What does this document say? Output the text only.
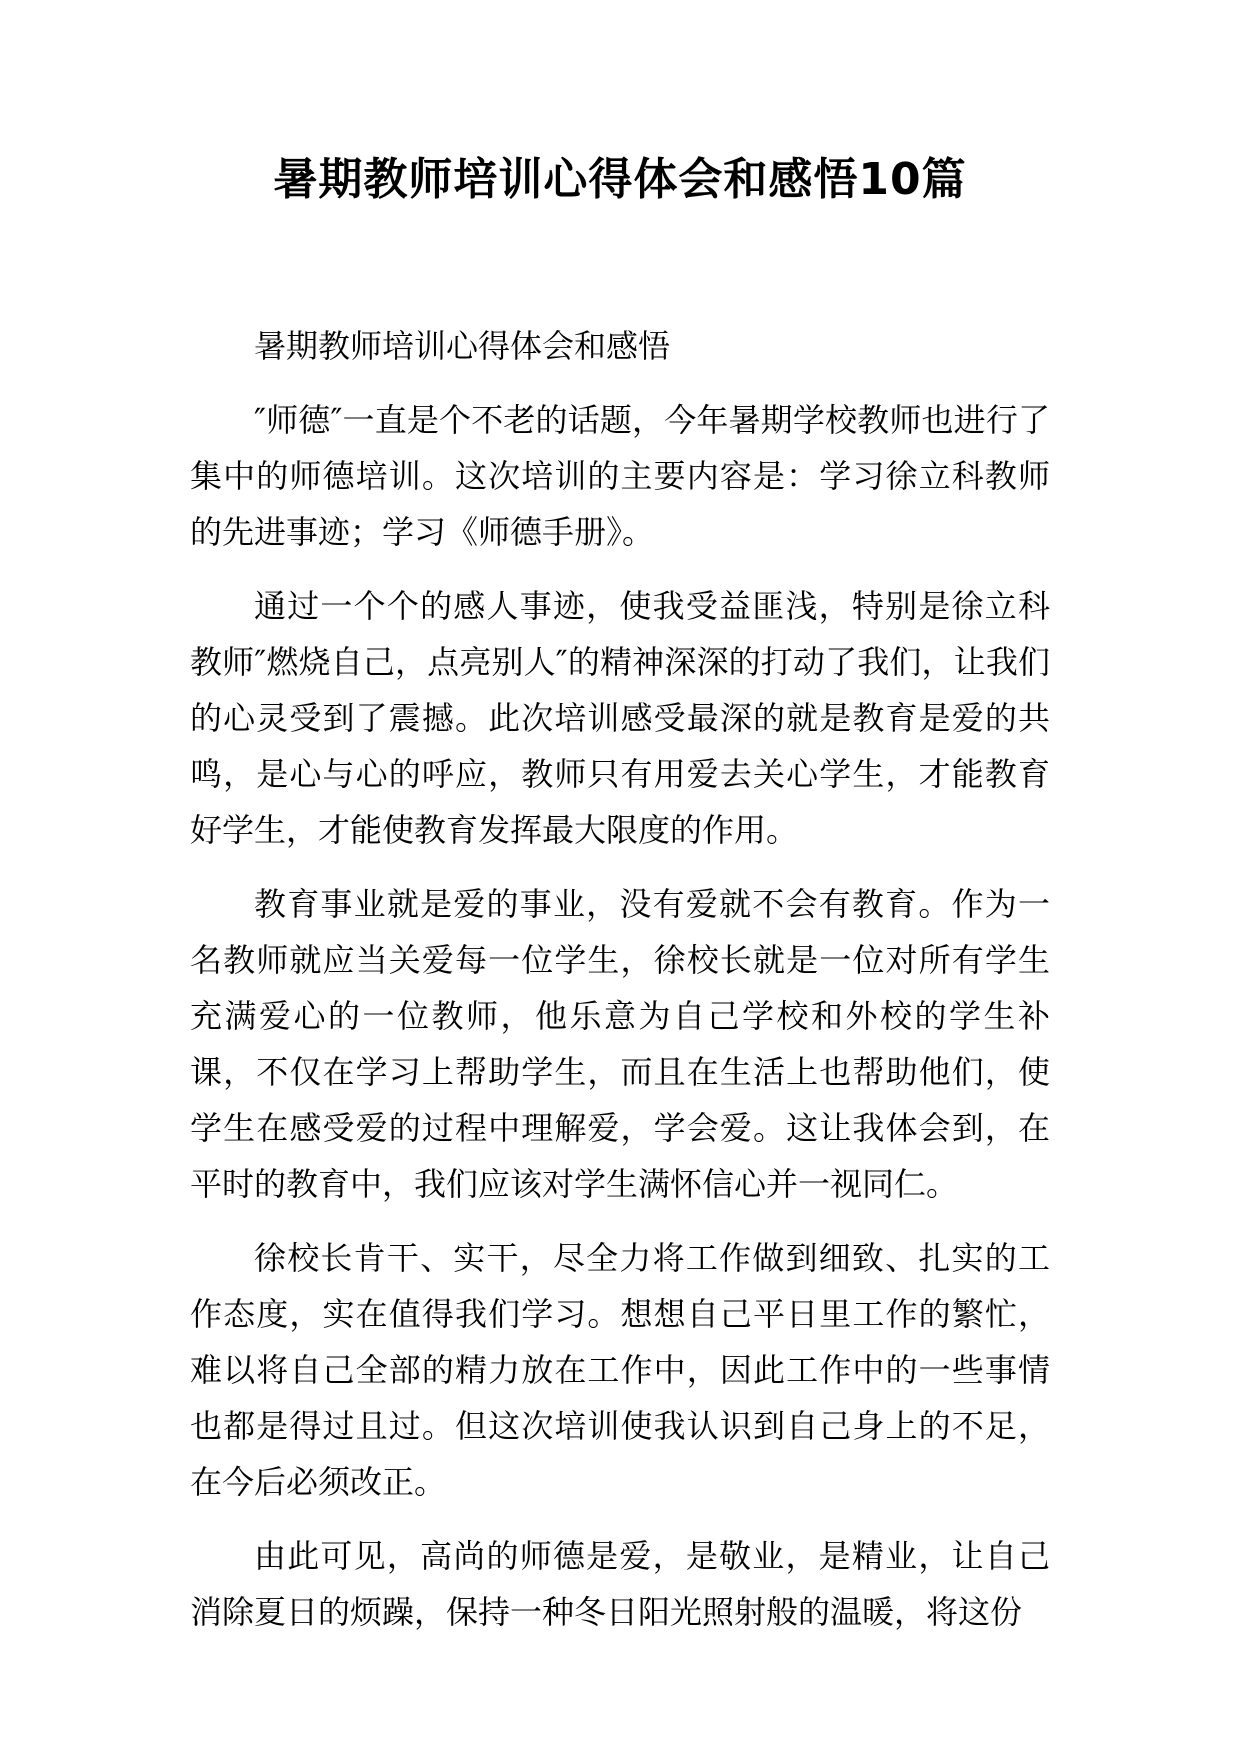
暑期教师培训心得体会和感悟10篇
暑期教师培训心得体会和感悟

″师德″一直是个不老的话题，今年暑期学校教师也进行了集中的师德培训。这次培训的主要内容是：学习徐立科教师的先进事迹；学习《师德手册》。

通过一个个的感人事迹，使我受益匪浅，特别是徐立科教师″燃烧自己，点亮别人″的精神深深的打动了我们，让我们的心灵受到了震撼。此次培训感受最深的就是教育是爱的共鸣，是心与心的呼应，教师只有用爱去关心学生，才能教育好学生，才能使教育发挥最大限度的作用。

教育事业就是爱的事业，没有爱就不会有教育。作为一名教师就应当关爱每一位学生，徐校长就是一位对所有学生充满爱心的一位教师，他乐意为自己学校和外校的学生补课，不仅在学习上帮助学生，而且在生活上也帮助他们，使学生在感受爱的过程中理解爱，学会爱。这让我体会到，在平时的教育中，我们应该对学生满怀信心并一视同仁。

徐校长肯干、实干，尽全力将工作做到细致、扎实的工作态度，实在值得我们学习。想想自己平日里工作的繁忙，难以将自己全部的精力放在工作中，因此工作中的一些事情也都是得过且过。但这次培训使我认识到自己身上的不足，在今后必须改正。

由此可见，高尚的师德是爱，是敬业，是精业，让自己消除夏日的烦躁，保持一种冬日阳光照射般的温暖，将这份
